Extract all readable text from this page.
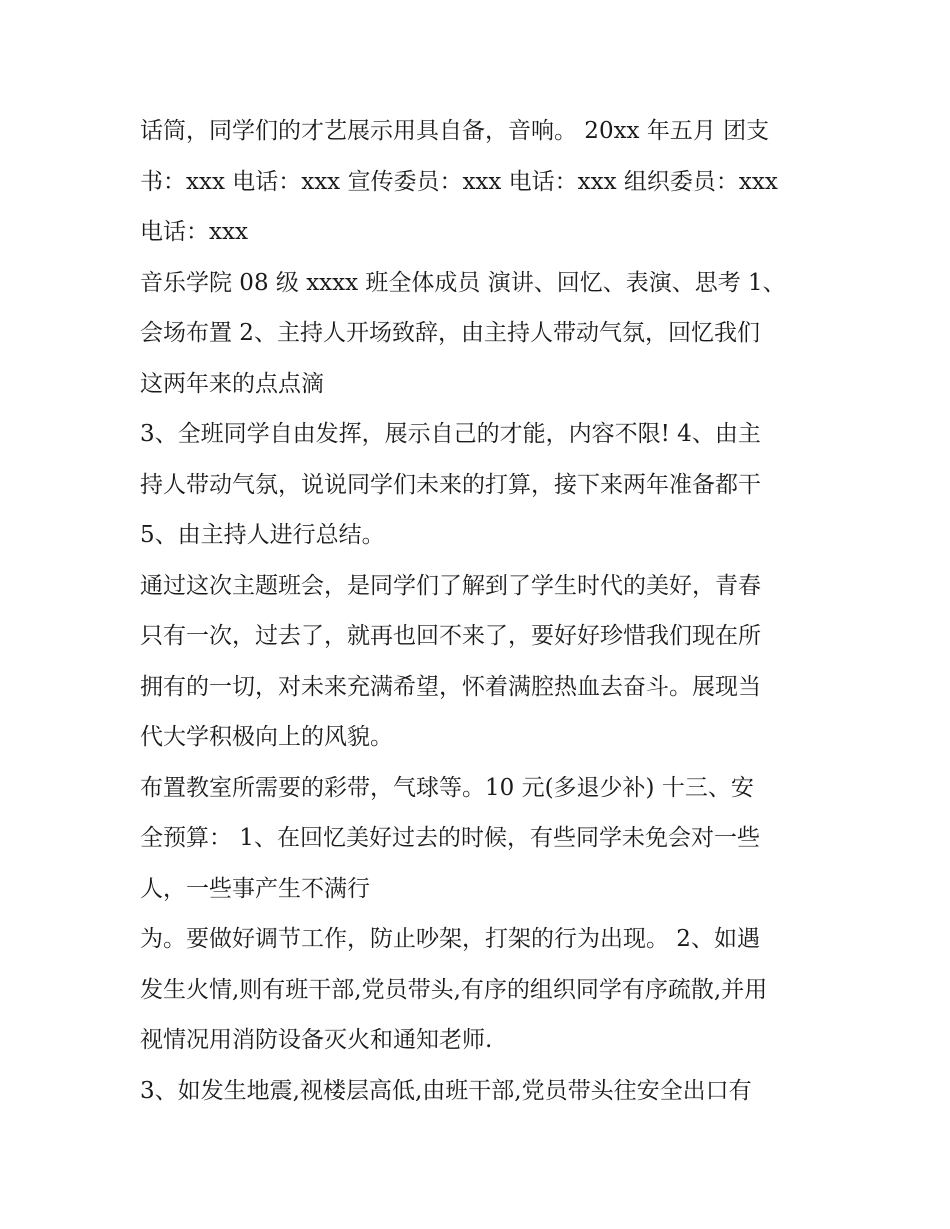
话筒，同学们的才艺展示用具自备，音响。 20xx 年五月 团支
书：xxx 电话：xxx 宣传委员：xxx 电话：xxx 组织委员：xxx
电话：xxx
音乐学院 08 级 xxxx 班全体成员 演讲、回忆、表演、思考 1、
会场布置 2、主持人开场致辞，由主持人带动气氛，回忆我们
这两年来的点点滴
3、全班同学自由发挥，展示自己的才能，内容不限! 4、由主
持人带动气氛，说说同学们未来的打算，接下来两年准备都干
5、由主持人进行总结。
通过这次主题班会，是同学们了解到了学生时代的美好，青春
只有一次，过去了，就再也回不来了，要好好珍惜我们现在所
拥有的一切，对未来充满希望，怀着满腔热血去奋斗。展现当
代大学积极向上的风貌。
布置教室所需要的彩带，气球等。10 元(多退少补) 十三、安
全预算： 1、在回忆美好过去的时候，有些同学未免会对一些
人，一些事产生不满行
为。要做好调节工作，防止吵架，打架的行为出现。 2、如遇
发生火情,则有班干部,党员带头,有序的组织同学有序疏散,并用
视情况用消防设备灭火和通知老师.
3、如发生地震,视楼层高低,由班干部,党员带头往安全出口有
